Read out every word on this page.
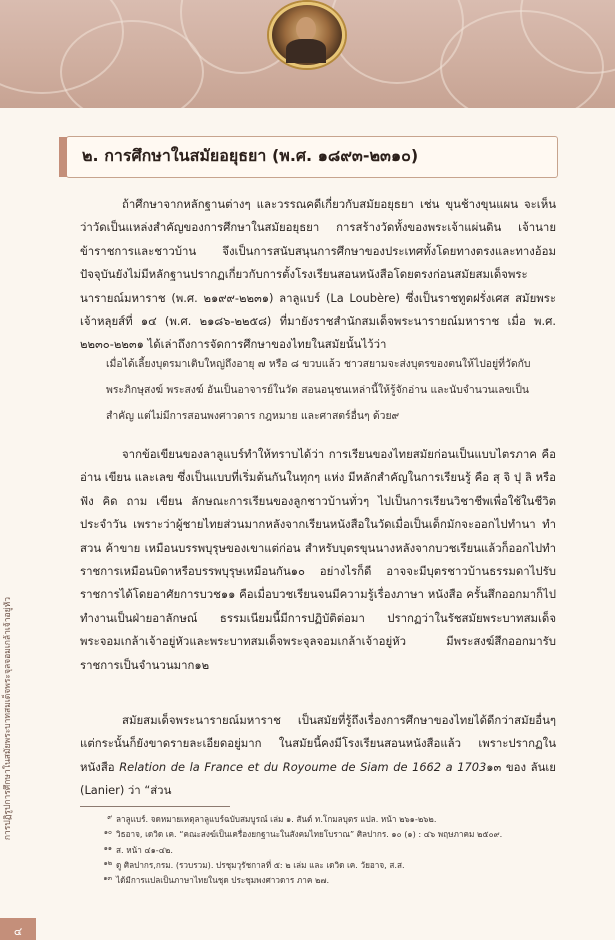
๒. การศึกษาในสมัยอยุธยา (พ.ศ. ๑๘๙๓-๒๓๑๐)

ถ้าศึกษาจากหลักฐานต่างๆ และวรรณคดีเกี่ยวกับสมัยอยุธยา เช่น ขุนช้างขุนแผน จะเห็นว่าวัดเป็นแหล่งสำคัญของการศึกษาในสมัยอยุธยา การสร้างวัดทั้งของพระเจ้าแผ่นดิน เจ้านาย ข้าราชการและชาวบ้าน จึงเป็นการสนับสนุนการศึกษาของประเทศทั้งโดยทางตรงและทางอ้อม ปัจจุบันยังไม่มีหลักฐานปรากฏเกี่ยวกับการตั้งโรงเรียนสอนหนังสือโดยตรงก่อนสมัยสมเด็จพระนารายณ์มหาราช (พ.ศ. ๒๑๙๙-๒๒๓๑) ลาลูแบร์ (La Loubère) ซึ่งเป็นราชทูตฝรั่งเศส สมัยพระเจ้าหลุยส์ที่ ๑๔ (พ.ศ. ๒๑๘๖-๒๒๕๘) ที่มายังราชสำนักสมเด็จพระนารายณ์มหาราช เมื่อ พ.ศ. ๒๒๓๐-๒๒๓๑ ได้เล่าถึงการจัดการศึกษาของไทยในสมัยนั้นไว้ว่า

เมื่อได้เลี้ยงบุตรมาเติบใหญ่ถึงอายุ ๗ หรือ ๘ ขวบแล้ว ชาวสยามจะส่งบุตรของตนให้ไปอยู่ที่วัดกับพระภิกษุสงฆ์ พระสงฆ์ อันเป็นอาจารย์ในวัด สอนอนุชนเหล่านี้ให้รู้จักอ่าน และนับจำนวนเลขเป็นสำคัญ แต่ไม่มีการสอนพงศาวดาร กฎหมาย และศาสตร์อื่นๆ ด้วย๙

จากข้อเขียนของลาลูแบร์ทำให้ทราบได้ว่า การเรียนของไทยสมัยก่อนเป็นแบบไตรภาค คือ อ่าน เขียน และเลข ซึ่งเป็นแบบที่เริ่มต้นกันในทุกๆ แห่ง มีหลักสำคัญในการเรียนรู้ คือ สุ จิ ปุ ลิ หรือ ฟัง คิด ถาม เขียน ลักษณะการเรียนของลูกชาวบ้านทั่วๆ ไปเป็นการเรียนวิชาชีพเพื่อใช้ในชีวิตประจำวัน เพราะว่าผู้ชายไทยส่วนมากหลังจากเรียนหนังสือในวัดเมื่อเป็นเด็กมักจะออกไปทำนา ทำสวน ค้าขาย เหมือนบรรพบุรุษของเขาแต่ก่อน สำหรับบุตรขุนนางหลังจากบวชเรียนแล้วก็ออกไปทำราชการเหมือนบิดาหรือบรรพบุรุษเหมือนกัน๑๐ อย่างไรก็ดี อาจจะมีบุตรชาวบ้านธรรมดาไปรับราชการได้โดยอาศัยการบวช๑๑ คือเมื่อบวชเรียนจนมีความรู้เรื่องภาษา หนังสือ ครั้นสึกออกมาก็ไปทำงานเป็นฝ่ายอาลักษณ์ ธรรมเนียมนี้มีการปฏิบัติต่อมา ปรากฏว่าในรัชสมัยพระบาทสมเด็จพระจอมเกล้าเจ้าอยู่หัวและพระบาทสมเด็จพระจุลจอมเกล้าเจ้าอยู่หัว มีพระสงฆ์สึกออกมารับราชการเป็นจำนวนมาก๑๒

สมัยสมเด็จพระนารายณ์มหาราช เป็นสมัยที่รู้ถึงเรื่องการศึกษาของไทยได้ดีกว่าสมัยอื่นๆ แต่กระนั้นก็ยังขาดรายละเอียดอยู่มาก ในสมัยนี้คงมีโรงเรียนสอนหนังสือแล้ว เพราะปรากฏในหนังสือ Relation de la France et du Royoume de Siam de 1662 a 1703๑๓ ของ ลันเย (Lanier) ว่า “ส่วน

๙ ลาลูแบร์. จดหมายเหตุลาลูแบร์ฉบับสมบูรณ์ เล่ม ๑. สันต์ ท.โกมลบุตร แปล. หน้า ๒๖๑-๒๖๒.
๑๐ วิธอาจ, เดวิด เค. “คณะสงฆ์เป็นเครื่องยกฐานะในสังคมไทยโบราณ” ศิลปากร. ๑๐ (๑) : ๔๖ พฤษภาคม ๒๕๐๙.
๑๑ ส. หน้า ๔๑-๔๒.
๑๒ ดู ศิลปากร,กรม. (รวบรวม). ปรชุมวุรัชกาลที่ ๕: ๒ เล่ม และ เดวิด เค. วัยอาจ, ส.ส.
๑๓ ได้มีการแปลเป็นภาษาไทยในชุด ประชุมพงศาวดาร ภาค ๒๗.
การปฏิรูปการศึกษาในสมัยพระบาทสมเด็จพระจุลจอมเกล้าเจ้าอยู่หัว
๔
